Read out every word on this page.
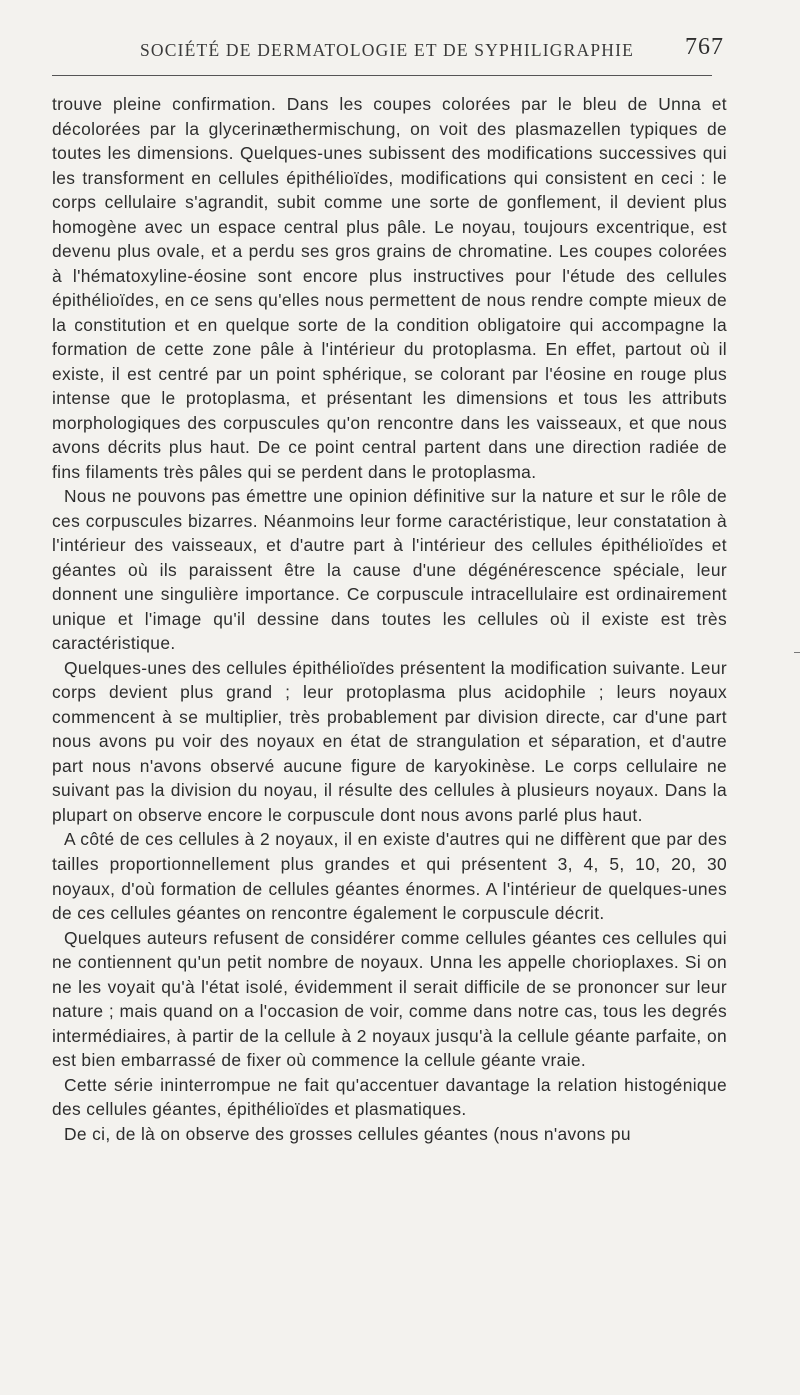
SOCIÉTÉ DE DERMATOLOGIE ET DE SYPHILIGRAPHIE 767

trouve pleine confirmation. Dans les coupes colorées par le bleu de Unna et décolorées par la glycerinæthermischung, on voit des plasmazellen typiques de toutes les dimensions. Quelques-unes subissent des modifications successives qui les transforment en cellules épithélioïdes, modifications qui consistent en ceci : le corps cellulaire s'agrandit, subit comme une sorte de gonflement, il devient plus homogène avec un espace central plus pâle. Le noyau, toujours excentrique, est devenu plus ovale, et a perdu ses gros grains de chromatine. Les coupes colorées à l'hématoxyline-éosine sont encore plus instructives pour l'étude des cellules épithélioïdes, en ce sens qu'elles nous permettent de nous rendre compte mieux de la constitution et en quelque sorte de la condition obligatoire qui accompagne la formation de cette zone pâle à l'intérieur du protoplasma. En effet, partout où il existe, il est centré par un point sphérique, se colorant par l'éosine en rouge plus intense que le protoplasma, et présentant les dimensions et tous les attributs morphologiques des corpuscules qu'on rencontre dans les vaisseaux, et que nous avons décrits plus haut. De ce point central partent dans une direction radiée de fins filaments très pâles qui se perdent dans le protoplasma.

Nous ne pouvons pas émettre une opinion définitive sur la nature et sur le rôle de ces corpuscules bizarres. Néanmoins leur forme caractéristique, leur constatation à l'intérieur des vaisseaux, et d'autre part à l'intérieur des cellules épithélioïdes et géantes où ils paraissent être la cause d'une dégénérescence spéciale, leur donnent une singulière importance. Ce corpuscule intracellulaire est ordinairement unique et l'image qu'il dessine dans toutes les cellules où il existe est très caractéristique.

Quelques-unes des cellules épithélioïdes présentent la modification suivante. Leur corps devient plus grand ; leur protoplasma plus acidophile ; leurs noyaux commencent à se multiplier, très probablement par division directe, car d'une part nous avons pu voir des noyaux en état de strangulation et séparation, et d'autre part nous n'avons observé aucune figure de karyokinèse. Le corps cellulaire ne suivant pas la division du noyau, il résulte des cellules à plusieurs noyaux. Dans la plupart on observe encore le corpuscule dont nous avons parlé plus haut.

A côté de ces cellules à 2 noyaux, il en existe d'autres qui ne diffèrent que par des tailles proportionnellement plus grandes et qui présentent 3, 4, 5, 10, 20, 30 noyaux, d'où formation de cellules géantes énormes. A l'intérieur de quelques-unes de ces cellules géantes on rencontre également le corpuscule décrit.

Quelques auteurs refusent de considérer comme cellules géantes ces cellules qui ne contiennent qu'un petit nombre de noyaux. Unna les appelle chorioplaxes. Si on ne les voyait qu'à l'état isolé, évidemment il serait difficile de se prononcer sur leur nature ; mais quand on a l'occasion de voir, comme dans notre cas, tous les degrés intermédiaires, à partir de la cellule à 2 noyaux jusqu'à la cellule géante parfaite, on est bien embarrassé de fixer où commence la cellule géante vraie.

Cette série ininterrompue ne fait qu'accentuer davantage la relation histogénique des cellules géantes, épithélioïdes et plasmatiques.

De ci, de là on observe des grosses cellules géantes (nous n'avons pu
